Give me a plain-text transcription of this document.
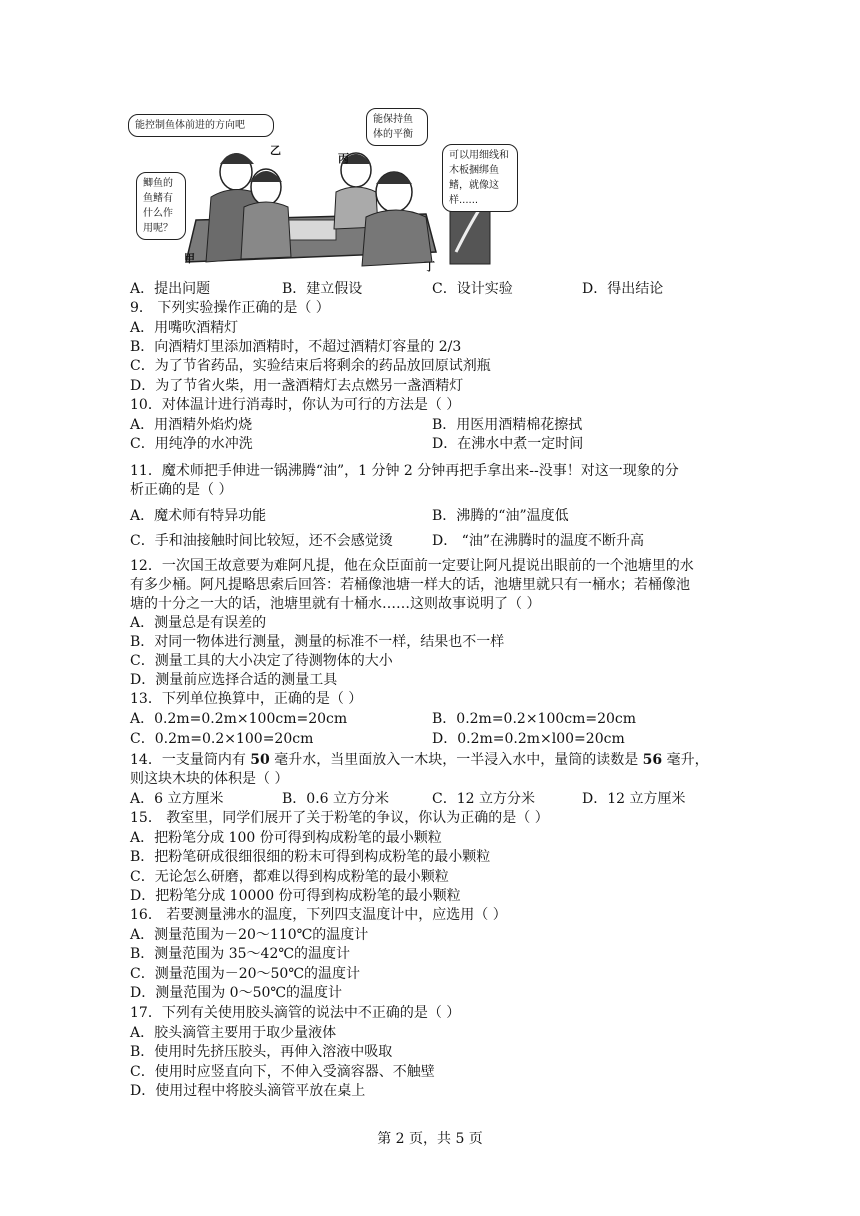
能控制鱼体前进的方向吧
鲫鱼的鱼鳍有什么作用呢？
能保持鱼体的平衡
可以用细线和木板捆绑鱼鳍，就像这样......
乙
丙
甲
丁
A．提出问题	B．建立假设	C．设计实验	D．得出结论
9． 下列实验操作正确的是（ ）
A．用嘴吹酒精灯
B．向酒精灯里添加酒精时，不超过酒精灯容量的 2/3
C．为了节省药品，实验结束后将剩余的药品放回原试剂瓶
D．为了节省火柴，用一盏酒精灯去点燃另一盏酒精灯
10．对体温计进行消毒时，你认为可行的方法是（ ）
A．用酒精外焰灼烧	B．用医用酒精棉花擦拭
C．用纯净的水冲洗	D．在沸水中煮一定时间
11．魔术师把手伸进一锅沸腾“油”，1 分钟 2 分钟再把手拿出来--没事！对这一现象的分
析正确的是（ ）
A．魔术师有特异功能	B．沸腾的“油”温度低
C．手和油接触时间比较短，还不会感觉烫	D． “油”在沸腾时的温度不断升高
12．一次国王故意要为难阿凡提，他在众臣面前一定要让阿凡提说出眼前的一个池塘里的水
有多少桶。阿凡提略思索后回答：若桶像池塘一样大的话，池塘里就只有一桶水；若桶像池
塘的十分之一大的话，池塘里就有十桶水……这则故事说明了（ ）
A．测量总是有误差的
B．对同一物体进行测量，测量的标准不一样，结果也不一样
C．测量工具的大小决定了待测物体的大小
D．测量前应选择合适的测量工具
13．下列单位换算中，正确的是（ ）
A．0.2m=0.2m×100cm=20cm	B．0.2m=0.2×100cm=20cm
C．0.2m=0.2×100=20cm	D．0.2m=0.2m×l00=20cm
14．一支量筒内有 50 毫升水，当里面放入一木块，一半浸入水中，量筒的读数是 56 毫升，
则这块木块的体积是（ ）
A．6 立方厘米	B．0.6 立方分米	C．12 立方分米	D．12 立方厘米
15． 教室里，同学们展开了关于粉笔的争议，你认为正确的是（ ）
A．把粉笔分成 100 份可得到构成粉笔的最小颗粒
B．把粉笔研成很细很细的粉末可得到构成粉笔的最小颗粒
C．无论怎么研磨，都难以得到构成粉笔的最小颗粒
D．把粉笔分成 10000 份可得到构成粉笔的最小颗粒
16． 若要测量沸水的温度，下列四支温度计中，应选用（ ）
A．测量范围为－20～110℃的温度计
B．测量范围为 35～42℃的温度计
C．测量范围为－20～50℃的温度计
D．测量范围为 0～50℃的温度计
17．下列有关使用胶头滴管的说法中不正确的是（ ）
A．胶头滴管主要用于取少量液体
B．使用时先挤压胶头，再伸入溶液中吸取
C．使用时应竖直向下，不伸入受滴容器、不触壁
D．使用过程中将胶头滴管平放在桌上
第 2 页，共 5 页
